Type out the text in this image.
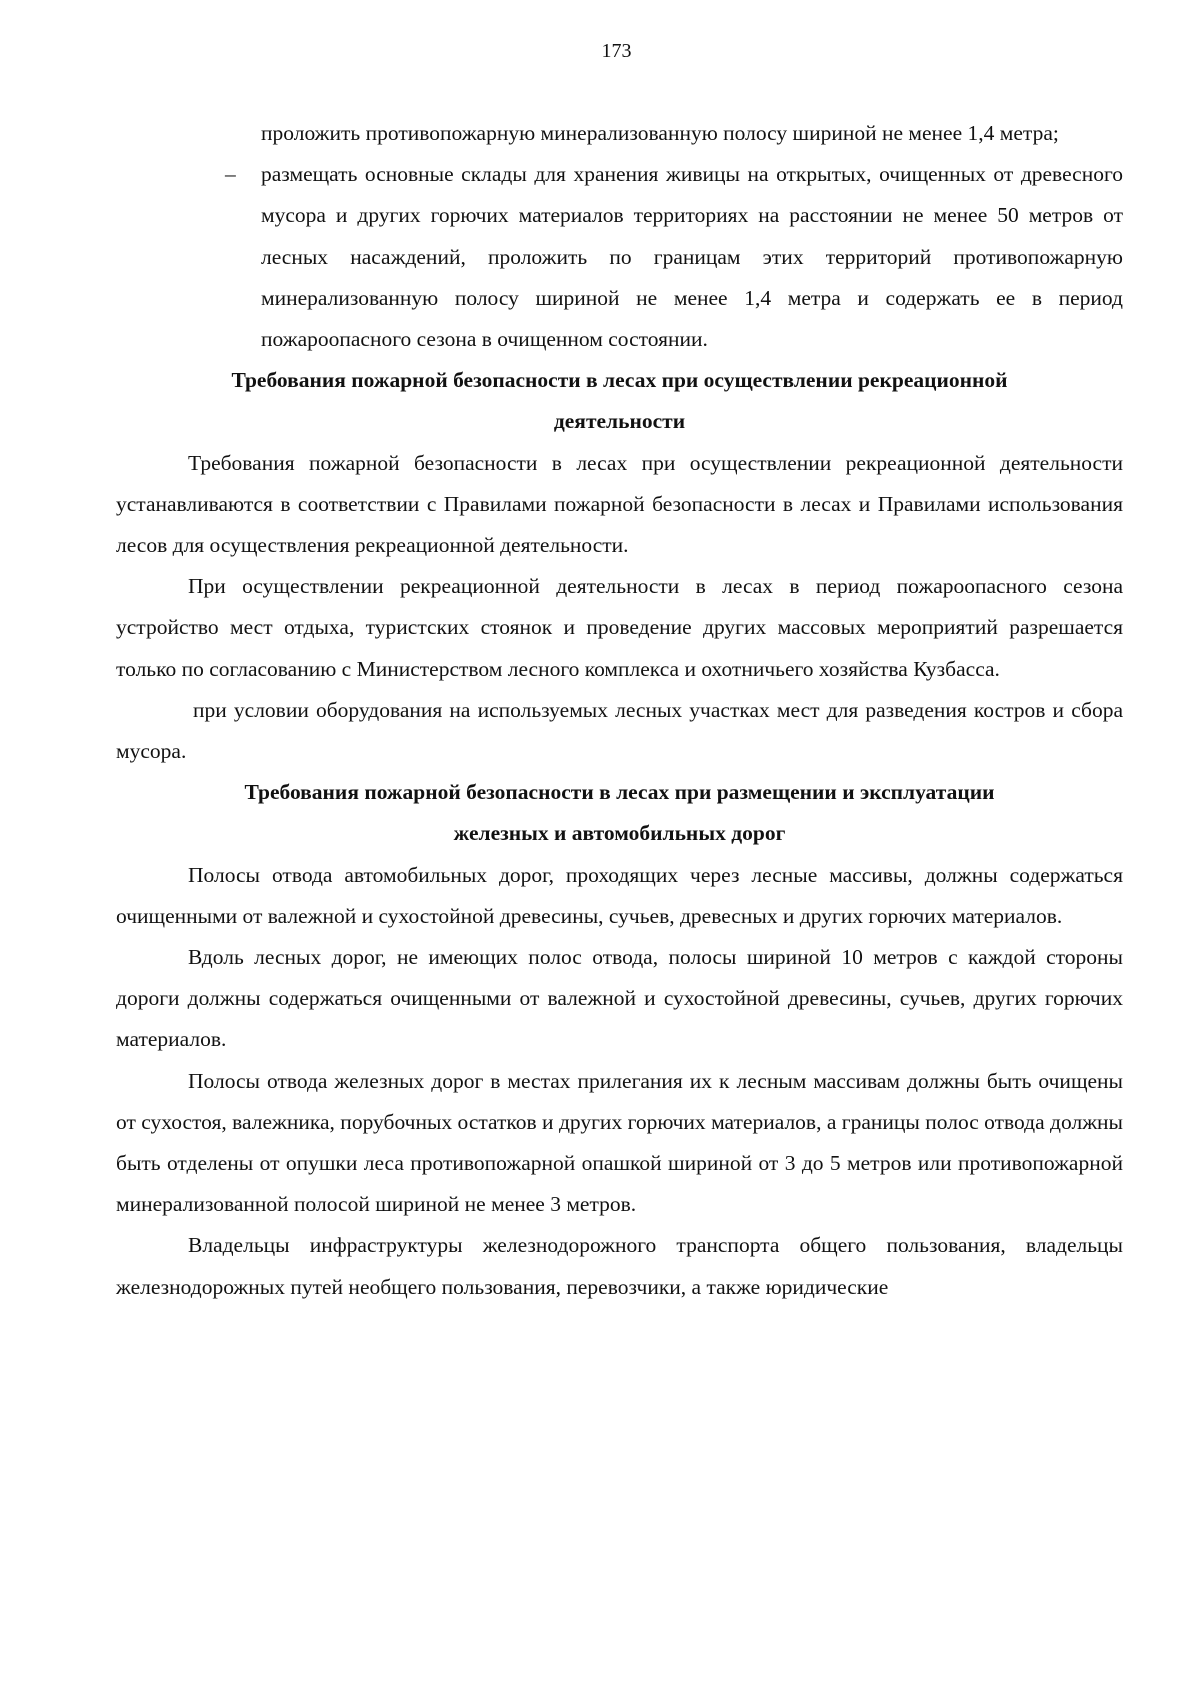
173

проложить противопожарную минерализованную полосу шириной не менее 1,4 метра;

– размещать основные склады для хранения живицы на открытых, очищенных от древесного мусора и других горючих материалов территориях на расстоянии не менее 50 метров от лесных насаждений, проложить по границам этих территорий противопожарную минерализованную полосу шириной не менее 1,4 метра и содержать ее в период пожароопасного сезона в очищенном состоянии.

Требования пожарной безопасности в лесах при осуществлении рекреационной
деятельности

Требования пожарной безопасности в лесах при осуществлении рекреационной деятельности устанавливаются в соответствии с Правилами пожарной безопасности в лесах и Правилами использования лесов для осуществления рекреационной деятельности.

При осуществлении рекреационной деятельности в лесах в период пожароопасного сезона устройство мест отдыха, туристских стоянок и проведение других массовых мероприятий разрешается только по согласованию с Министерством лесного комплекса и охотничьего хозяйства Кузбасса.

при условии оборудования на используемых лесных участках мест для разведения костров и сбора мусора.

Требования пожарной безопасности в лесах при размещении и эксплуатации
железных и автомобильных дорог

Полосы отвода автомобильных дорог, проходящих через лесные массивы, должны содержаться очищенными от валежной и сухостойной древесины, сучьев, древесных и других горючих материалов.

Вдоль лесных дорог, не имеющих полос отвода, полосы шириной 10 метров с каждой стороны дороги должны содержаться очищенными от валежной и сухостойной древесины, сучьев, других горючих материалов.

Полосы отвода железных дорог в местах прилегания их к лесным массивам должны быть очищены от сухостоя, валежника, порубочных остатков и других горючих материалов, а границы полос отвода должны быть отделены от опушки леса противопожарной опашкой шириной от 3 до 5 метров или противопожарной минерализованной полосой шириной не менее 3 метров.

Владельцы инфраструктуры железнодорожного транспорта общего пользования, владельцы железнодорожных путей необщего пользования, перевозчики, а также юридические
